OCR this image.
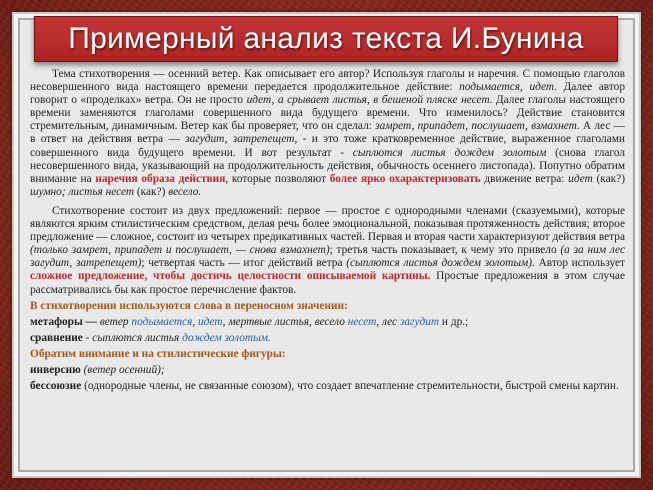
Примерный анализ текста И.Бунина

Тема стихотворения — осенний ветер. Как описывает его автор? Используя глаголы и наречия. С помощью глаголов несовершенного вида настоящего времени передается продолжительное действие: подымается, идет. Далее автор говорит о «проделках» ветра. Он не просто идет, а срывает листья, в бешеной пляске несет. Далее глаголы настоящего времени заменяются глаголами совершенного вида будущего времени. Что изменилось? Действие становится стремительным, динамичным. Ветер как бы проверяет, что он сделал: замрет, припадет, послушает, взмахнет. А лес — в ответ на действия ветра — загудит, затрепещет, - и это тоже кратковременное действие, выраженное глаголами совершенного вида будущего времени. И вот результат - сыплются листья дождем золотым (снова глагол несовершенного вида, указывающий на продолжительность действия, обычность осеннего листопада). Попутно обратим внимание на наречия образа действия, которые позволяют более ярко охарактеризовать движение ветра: идет (как?) шумно; листья несет (как?) весело.

Стихотворение состоит из двух предложений: первое — простое с однородными членами (сказуемыми), которые являются ярким стилистическим средством, делая речь более эмоциональной, показывая протяженность действия; второе предложение — сложное, состоит из четырех предикативных частей. Первая и вторая части характеризуют действия ветра (только замрет, припадет и послушает, — снова взмахнет); третья часть показывает, к чему это привело (а за ним лес загудит, затрепещет); четвертая часть — итог действий ветра (сыплются листья дождем золотым). Автор использует сложное предложение, чтобы достичь целостности описываемой картины. Простые предложения в этом случае рассматривались бы как простое перечисление фактов.

В стихотворении используются слова в переносном значении:

метафоры — ветер подымается, идет, мертвые листья, весело несет, лес загудит и др.;

сравнение - сыплются листья дождем золотым.

Обратим внимание и на стилистические фигуры:

инверсию (ветер осенний);

бессоюзие (однородные члены, не связанные союзом), что создает впечатление стремительности, быстрой смены картин.
